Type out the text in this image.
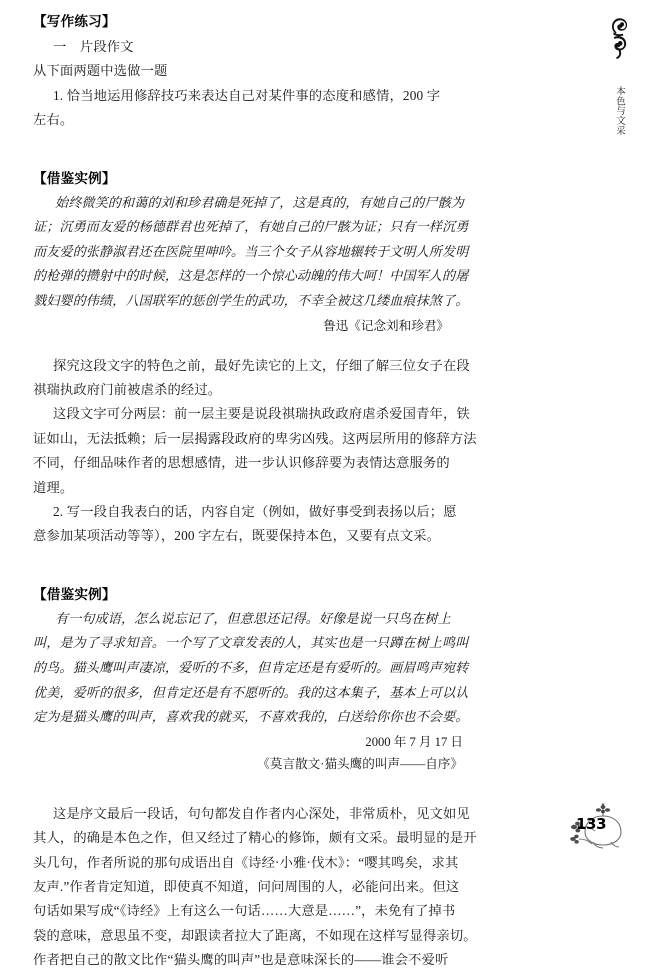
本色与文采
133
【写作练习】

一　片段作文

从下面两题中选做一题

1. 恰当地运用修辞技巧来表达自己对某件事的态度和感情，200 字

左右。

【借鉴实例】

始终微笑的和蔼的刘和珍君确是死掉了，这是真的，有她自己的尸骸为

证；沉勇而友爱的杨德群君也死掉了，有她自己的尸骸为证；只有一样沉勇

而友爱的张静淑君还在医院里呻吟。当三个女子从容地辗转于文明人所发明

的枪弹的攒射中的时候，这是怎样的一个惊心动魄的伟大呵！中国军人的屠

戮妇婴的伟绩，八国联军的惩创学生的武功，不幸全被这几缕血痕抹煞了。

鲁迅《记念刘和珍君》

探究这段文字的特色之前，最好先读它的上文，仔细了解三位女子在段

祺瑞执政府门前被虐杀的经过。

这段文字可分两层：前一层主要是说段祺瑞执政政府虐杀爱国青年，铁

证如山，无法抵赖；后一层揭露段政府的卑劣凶残。这两层所用的修辞方法

不同，仔细品味作者的思想感情，进一步认识修辞要为表情达意服务的

道理。

2. 写一段自我表白的话，内容自定（例如，做好事受到表扬以后；愿

意参加某项活动等等），200 字左右，既要保持本色，又要有点文采。

【借鉴实例】

有一句成语，怎么说忘记了，但意思还记得。好像是说一只鸟在树上

叫，是为了寻求知音。一个写了文章发表的人，其实也是一只蹲在树上鸣叫

的鸟。猫头鹰叫声凄凉，爱听的不多，但肯定还是有爱听的。画眉鸣声宛转

优美，爱听的很多，但肯定还是有不愿听的。我的这本集子，基本上可以认

定为是猫头鹰的叫声，喜欢我的就买，不喜欢我的，白送给你你也不会要。

2000 年 7 月 17 日

《莫言散文·猫头鹰的叫声——自序》

这是序文最后一段话，句句都发自作者内心深处，非常质朴，见文如见

其人，的确是本色之作，但又经过了精心的修饰，颇有文采。最明显的是开

头几句，作者所说的那句成语出自《诗经·小雅·伐木》：“嘤其鸣矣，求其

友声.”作者肯定知道，即使真不知道，问问周围的人，必能问出来。但这

句话如果写成“《诗经》上有这么一句话……大意是……”，未免有了掉书

袋的意味，意思虽不变，却跟读者拉大了距离，不如现在这样写显得亲切。

作者把自己的散文比作“猫头鹰的叫声”也是意味深长的——谁会不爱听
